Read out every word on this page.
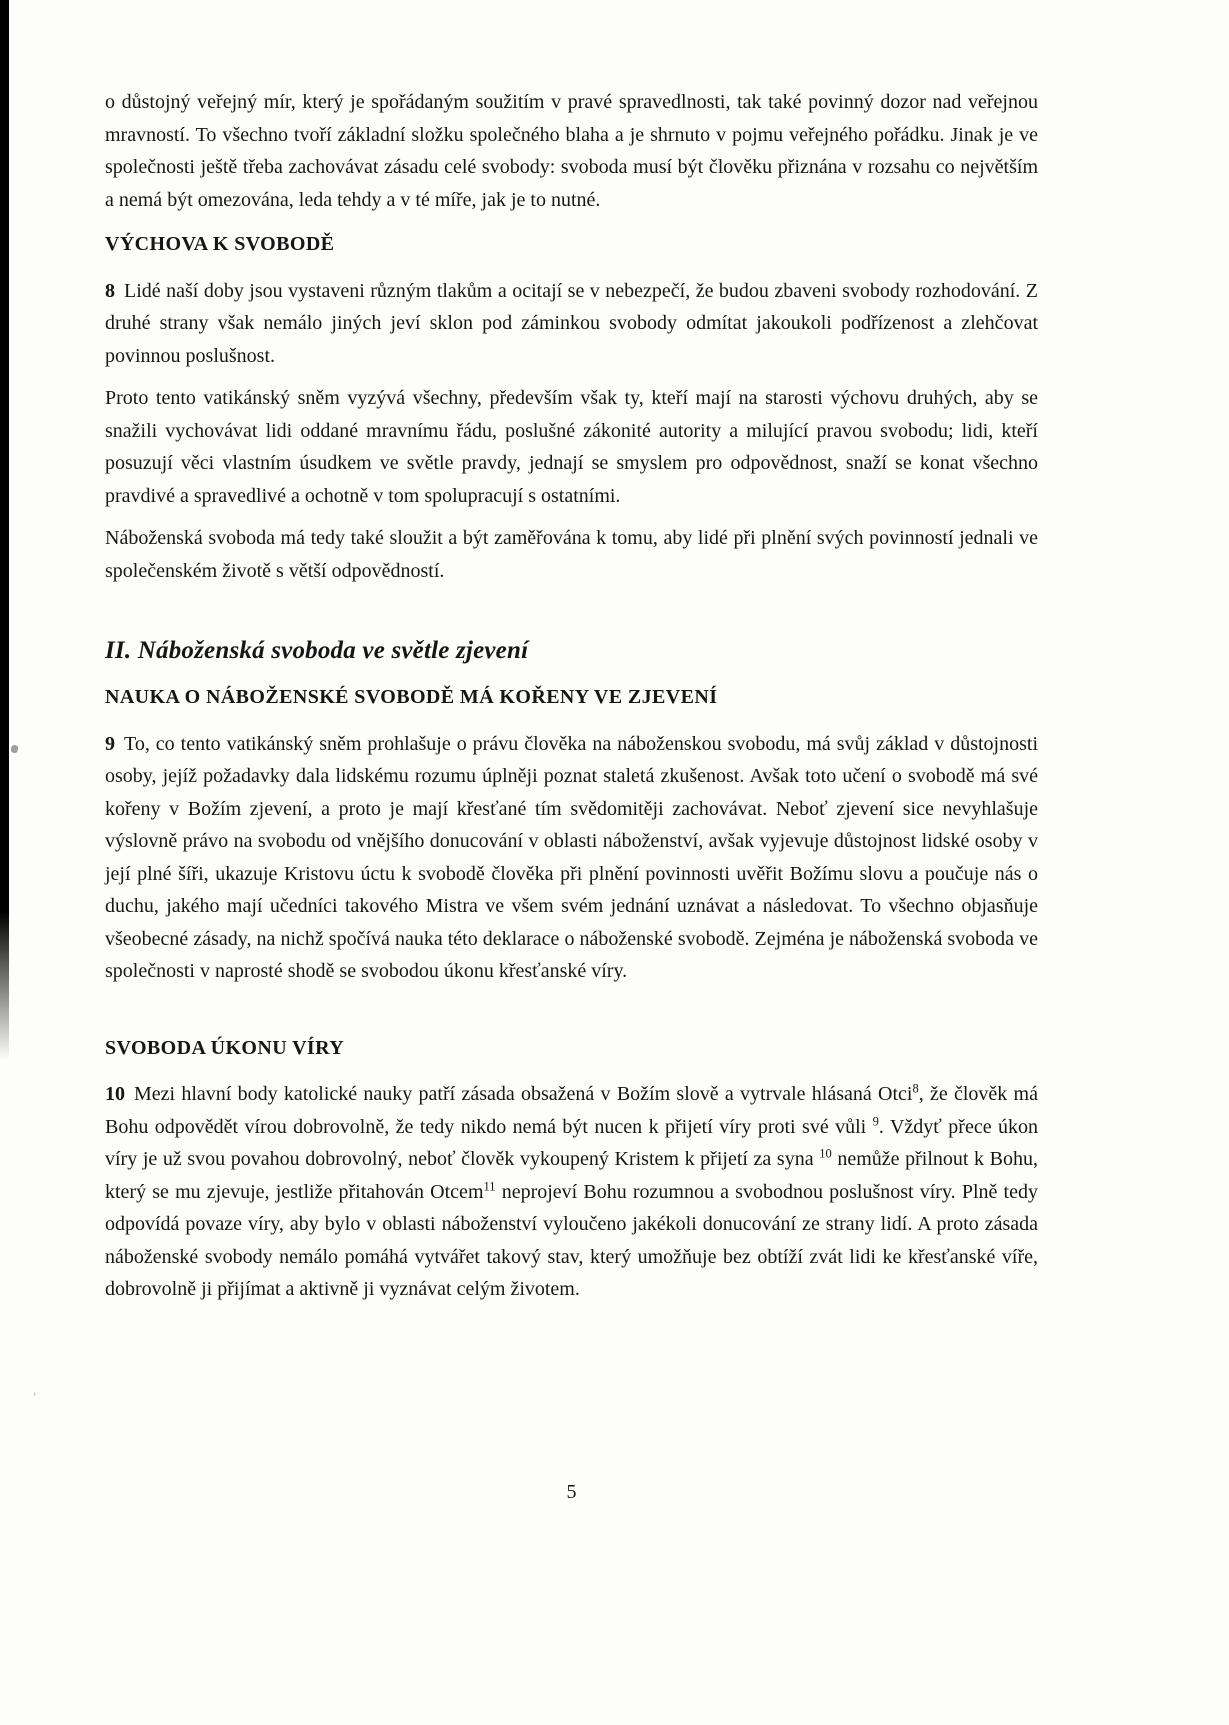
‚

o důstojný veřejný mír, který je spořádaným soužitím v pravé spravedlnosti, tak také povinný dozor nad veřejnou mravností. To všechno tvoří základní složku společného blaha a je shrnuto v pojmu veřejného pořádku. Jinak je ve společnosti ještě třeba zachovávat zásadu celé svobody: svoboda musí být člověku přiznána v rozsahu co největším a nemá být omezována, leda tehdy a v té míře, jak je to nutné.

VÝCHOVA K SVOBODĚ

8 Lidé naší doby jsou vystaveni různým tlakům a ocitají se v nebezpečí, že budou zbaveni svobody rozhodování. Z druhé strany však nemálo jiných jeví sklon pod záminkou svobody odmítat jakoukoli podřízenost a zlehčovat povinnou poslušnost.

Proto tento vatikánský sněm vyzývá všechny, především však ty, kteří mají na starosti výchovu druhých, aby se snažili vychovávat lidi oddané mravnímu řádu, poslušné zákonité autority a milující pravou svobodu; lidi, kteří posuzují věci vlastním úsudkem ve světle pravdy, jednají se smyslem pro odpovědnost, snaží se konat všechno pravdivé a spravedlivé a ochotně v tom spolupracují s ostatními.

Náboženská svoboda má tedy také sloužit a být zaměřována k tomu, aby lidé při plnění svých povinností jednali ve společenském životě s větší odpovědností.

II. Náboženská svoboda ve světle zjevení
NAUKA O NÁBOŽENSKÉ SVOBODĚ MÁ KOŘENY VE ZJEVENÍ

9 To, co tento vatikánský sněm prohlašuje o právu člověka na náboženskou svobodu, má svůj základ v důstojnosti osoby, jejíž požadavky dala lidskému rozumu úplněji poznat staletá zkušenost. Avšak toto učení o svobodě má své kořeny v Božím zjevení, a proto je mají křesťané tím svědomitěji zachovávat. Neboť zjevení sice nevyhlašuje výslovně právo na svobodu od vnějšího donucování v oblasti náboženství, avšak vyjevuje důstojnost lidské osoby v její plné šíři, ukazuje Kristovu úctu k svobodě člověka při plnění povinnosti uvěřit Božímu slovu a poučuje nás o duchu, jakého mají učedníci takového Mistra ve všem svém jednání uznávat a následovat. To všechno objasňuje všeobecné zásady, na nichž spočívá nauka této deklarace o náboženské svobodě. Zejména je náboženská svoboda ve společnosti v naprosté shodě se svobodou úkonu křesťanské víry.

SVOBODA ÚKONU VÍRY

10 Mezi hlavní body katolické nauky patří zásada obsažená v Božím slově a vytrvale hlásaná Otci$^8$, že člověk má Bohu odpovědět vírou dobrovolně, že tedy nikdo nemá být nucen k přijetí víry proti své vůli $^9$. Vždyť přece úkon víry je už svou povahou dobrovolný, neboť člověk vykoupený Kristem k přijetí za syna $^{10}$ nemůže přilnout k Bohu, který se mu zjevuje, jestliže přitahován Otcem$^{11}$ neprojeví Bohu rozumnou a svobodnou poslušnost víry. Plně tedy odpovídá povaze víry, aby bylo v oblasti náboženství vyloučeno jakékoli donucování ze strany lidí. A proto zásada náboženské svobody nemálo pomáhá vytvářet takový stav, který umožňuje bez obtíží zvát lidi ke křesťanské víře, dobrovolně ji přijímat a aktivně ji vyznávat celým životem.

5
